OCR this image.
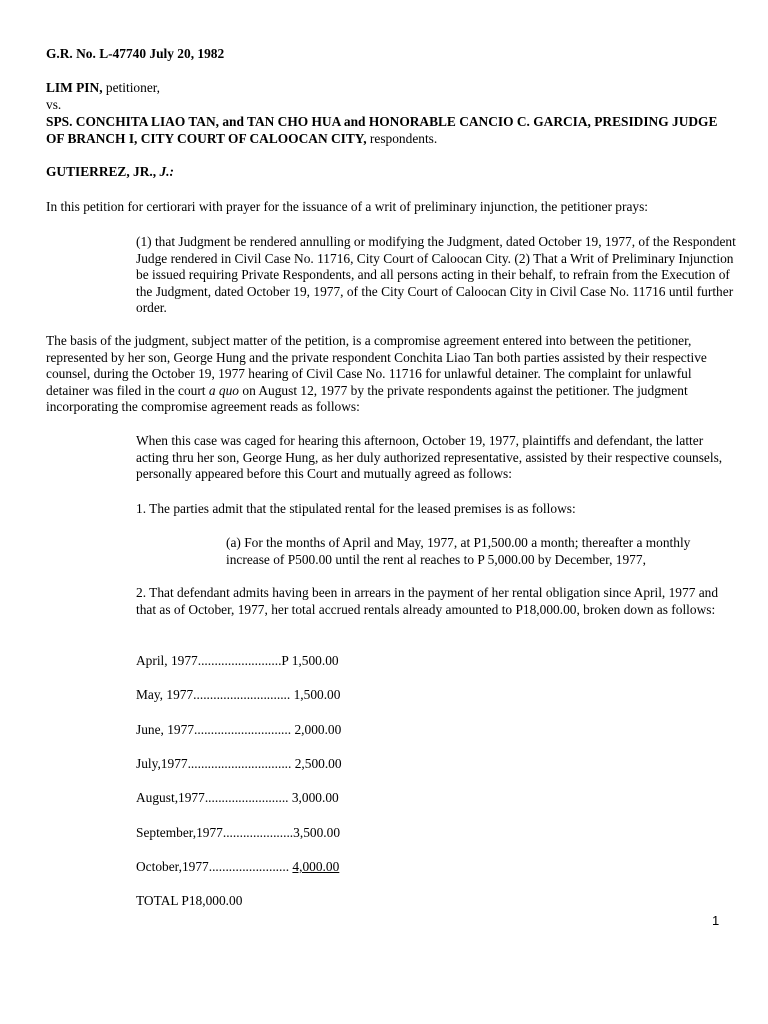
G.R. No. L-47740 July 20, 1982

LIM PIN, petitioner,

vs.

SPS. CONCHITA LIAO TAN, and TAN CHO HUA and HONORABLE CANCIO C. GARCIA, PRESIDING JUDGE OF BRANCH I, CITY COURT OF CALOOCAN CITY, respondents.

GUTIERREZ, JR., J.:

In this petition for certiorari with prayer for the issuance of a writ of preliminary injunction, the petitioner prays:

(1) that Judgment be rendered annulling or modifying the Judgment, dated October 19, 1977, of the Respondent Judge rendered in Civil Case No. 11716, City Court of Caloocan City. (2) That a Writ of Preliminary Injunction be issued requiring Private Respondents, and all persons acting in their behalf, to refrain from the Execution of the Judgment, dated October 19, 1977, of the City Court of Caloocan City in Civil Case No. 11716 until further order.

The basis of the judgment, subject matter of the petition, is a compromise agreement entered into between the petitioner, represented by her son, George Hung and the private respondent Conchita Liao Tan both parties assisted by their respective counsel, during the October 19, 1977 hearing of Civil Case No. 11716 for unlawful detainer. The complaint for unlawful detainer was filed in the court a quo on August 12, 1977 by the private respondents against the petitioner. The judgment incorporating the compromise agreement reads as follows:

When this case was caged for hearing this afternoon, October 19, 1977, plaintiffs and defendant, the latter acting thru her son, George Hung, as her duly authorized representative, assisted by their respective counsels, personally appeared before this Court and mutually agreed as follows:

1. The parties admit that the stipulated rental for the leased premises is as follows:

(a) For the months of April and May, 1977, at P1,500.00 a month; thereafter a monthly increase of P500.00 until the rent al reaches to P 5,000.00 by December, 1977,

2. That defendant admits having been in arrears in the payment of her rental obligation since April, 1977 and that as of October, 1977, her total accrued rentals already amounted to P18,000.00, broken down as follows:

April, 1977.........................P 1,500.00

May, 1977............................. 1,500.00

June, 1977............................. 2,000.00

July,1977............................... 2,500.00

August,1977......................... 3,000.00

September,1977.....................3,500.00

October,1977........................ 4,000.00

TOTAL P18,000.00

1
